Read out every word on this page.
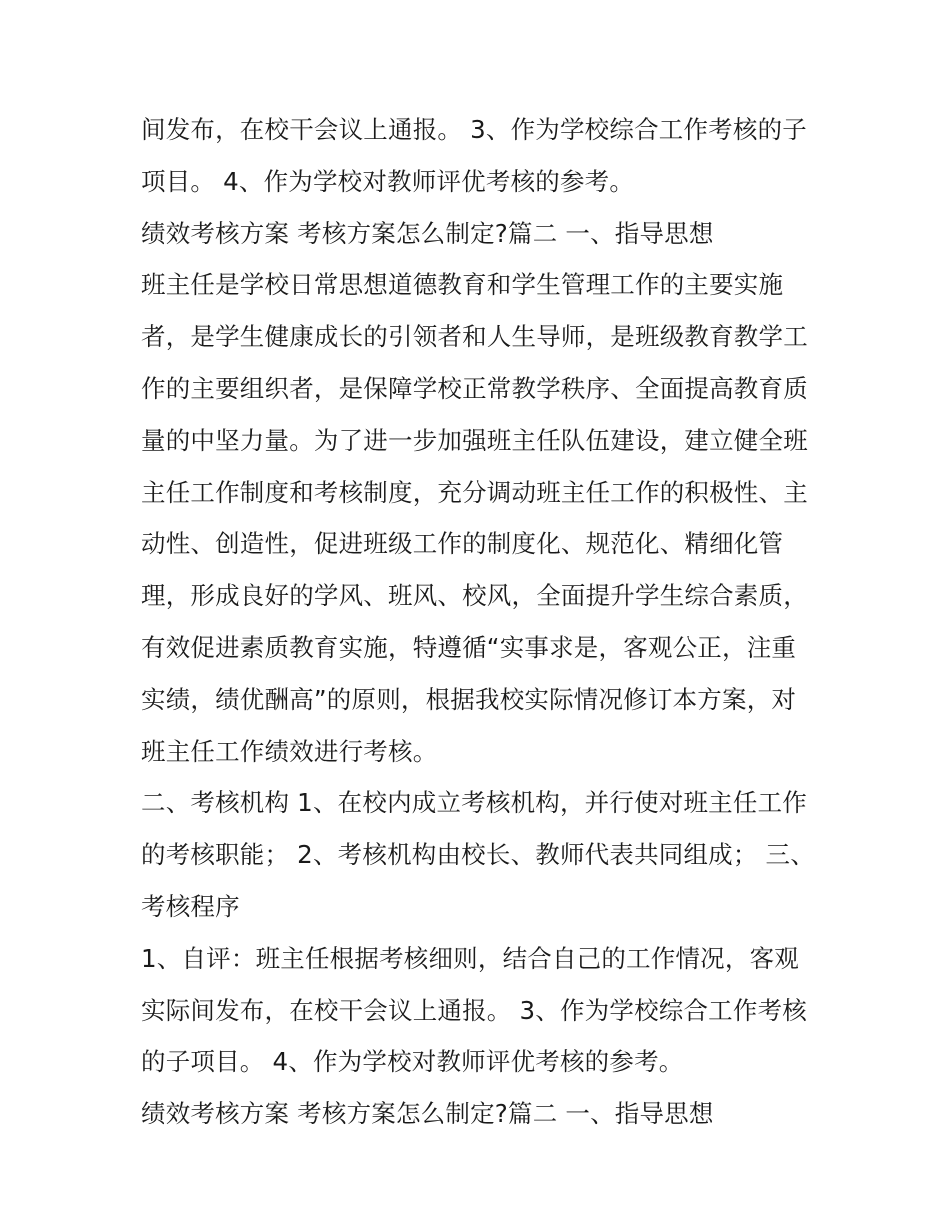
间发布，在校干会议上通报。 3、作为学校综合工作考核的子
项目。 4、作为学校对教师评优考核的参考。
绩效考核方案 考核方案怎么制定?篇二 一、指导思想
班主任是学校日常思想道德教育和学生管理工作的主要实施
者，是学生健康成长的引领者和人生导师，是班级教育教学工
作的主要组织者，是保障学校正常教学秩序、全面提高教育质
量的中坚力量。为了进一步加强班主任队伍建设，建立健全班
主任工作制度和考核制度，充分调动班主任工作的积极性、主
动性、创造性，促进班级工作的制度化、规范化、精细化管
理，形成良好的学风、班风、校风，全面提升学生综合素质，
有效促进素质教育实施，特遵循“实事求是，客观公正，注重
实绩，绩优酬高”的原则，根据我校实际情况修订本方案，对
班主任工作绩效进行考核。
二、考核机构 1、在校内成立考核机构，并行使对班主任工作
的考核职能； 2、考核机构由校长、教师代表共同组成； 三、
考核程序
1、自评：班主任根据考核细则，结合自己的工作情况，客观
实际间发布，在校干会议上通报。 3、作为学校综合工作考核
的子项目。 4、作为学校对教师评优考核的参考。
绩效考核方案 考核方案怎么制定?篇二 一、指导思想
